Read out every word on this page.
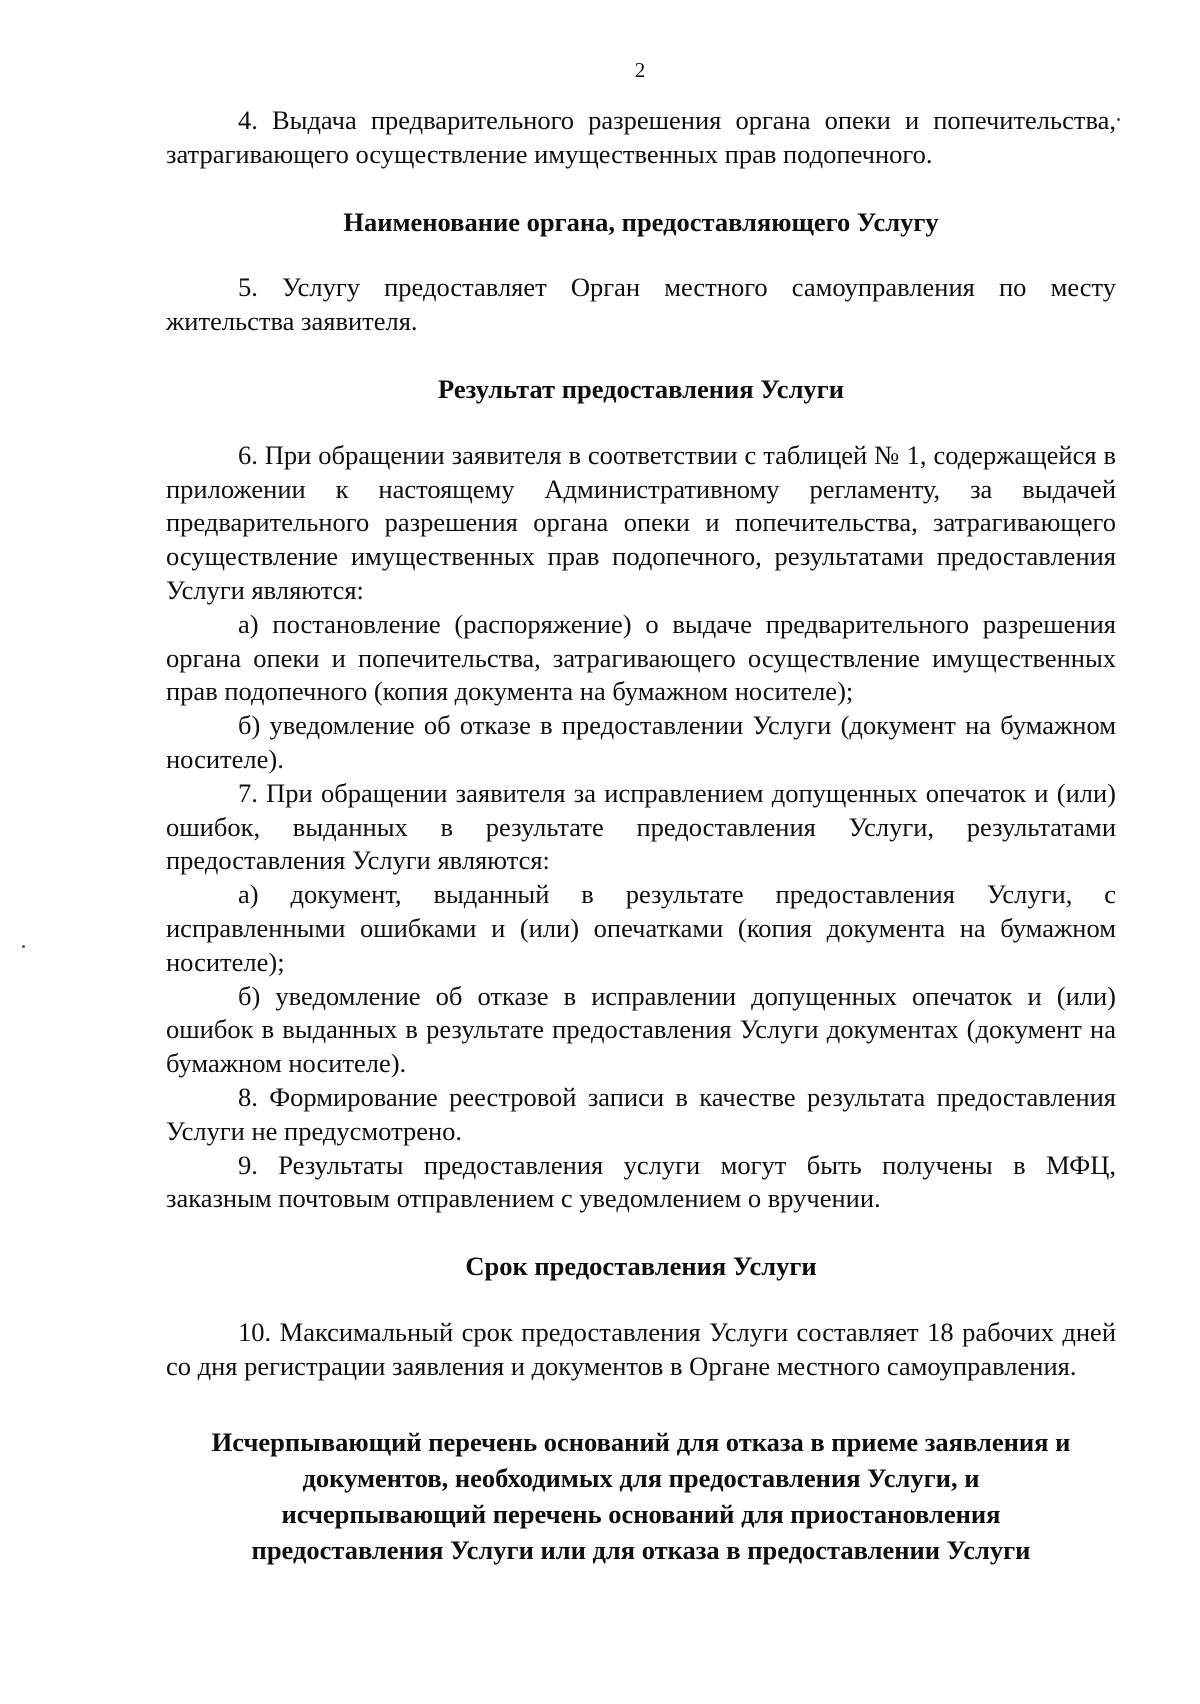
2

4. Выдача предварительного разрешения органа опеки и попечительства, затрагивающего осуществление имущественных прав подопечного.

Наименование органа, предоставляющего Услугу

5. Услугу предоставляет Орган местного самоуправления по месту жительства заявителя.

Результат предоставления Услуги

6. При обращении заявителя в соответствии с таблицей № 1, содержащейся в приложении к настоящему Административному регламенту, за выдачей предварительного разрешения органа опеки и попечительства, затрагивающего осуществление имущественных прав подопечного, результатами предоставления Услуги являются:

а) постановление (распоряжение) о выдаче предварительного разрешения органа опеки и попечительства, затрагивающего осуществление имущественных прав подопечного (копия документа на бумажном носителе);

б) уведомление об отказе в предоставлении Услуги (документ на бумажном носителе).

7. При обращении заявителя за исправлением допущенных опечаток и (или) ошибок, выданных в результате предоставления Услуги, результатами предоставления Услуги являются:

а) документ, выданный в результате предоставления Услуги, с исправленными ошибками и (или) опечатками (копия документа на бумажном носителе);

б) уведомление об отказе в исправлении допущенных опечаток и (или) ошибок в выданных в результате предоставления Услуги документах (документ на бумажном носителе).

8. Формирование реестровой записи в качестве результата предоставления Услуги не предусмотрено.

9. Результаты предоставления услуги могут быть получены в МФЦ, заказным почтовым отправлением с уведомлением о вручении.

Срок предоставления Услуги

10. Максимальный срок предоставления Услуги составляет 18 рабочих дней со дня регистрации заявления и документов в Органе местного самоуправления.

Исчерпывающий перечень оснований для отказа в приеме заявления и

документов, необходимых для предоставления Услуги, и

исчерпывающий перечень оснований для приостановления

предоставления Услуги или для отказа в предоставлении Услуги
